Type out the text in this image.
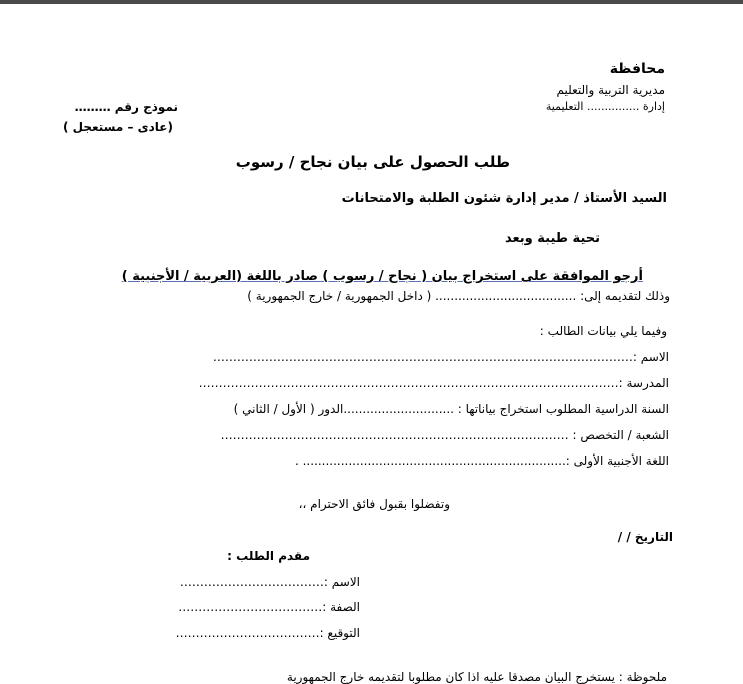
محافظة
مديرية التربية والتعليم
إدارة ............... التعليمية
نموذج رقم ………
(عادى – مستعجل )
طلب الحصول على بيان نجاح / رسوب
السيد الأستاذ / مدير إدارة شئون الطلبة والامتحانات
تحية طيبة وبعد
أرجو الموافقة على استخراج بيان ( نجاح / رسوب ) صادر باللغة (العربية / الأجنبية )
وذلك لتقديمه إلى: ..................................... ( داخل الجمهورية / خارج الجمهورية )
وفيما يلي بيانات الطالب :
الاسم :……………………………………………………………………………………………
المدرسة :……………………………………………………………………………………………
السنة الدراسية المطلوب استخراج بياناتها : .............................الدور ( الأول / الثاني )
الشعبة / التخصص : ……………………………………………………………………………
اللغة الأجنبية الأولى :..................................................................... .
وتفضلوا بقبول فائق الاحترام ،،
التاريخ / /
مقدم الطلب :
الاسم :………………………………
الصفة :………………………………
التوقيع :………………………………
ملحوظة : يستخرج البيان مصدقا عليه اذا كان مطلوبا لتقديمه خارج الجمهورية
